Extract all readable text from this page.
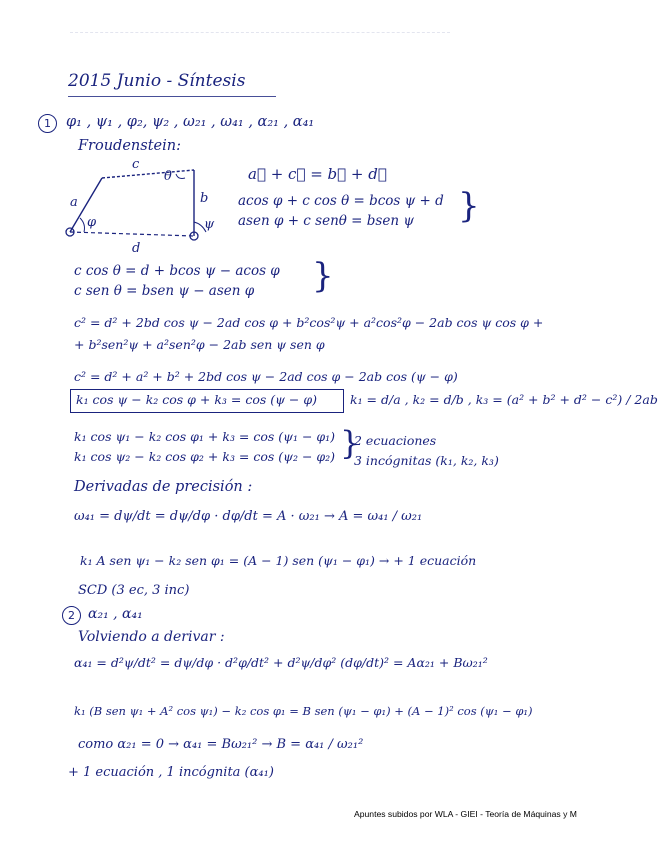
2015 Junio - Síntesis
1	φ₁ , ψ₁ , φ₂, ψ₂ , ω₂₁ , ω₄₁ , α₂₁ , α₄₁
Froudenstein:
a
c
b
d
θ
φ	ψ
a⃗ + c⃗ = b⃗ + d⃗
acos φ + c cos θ = bcos ψ + d
asen φ + c senθ = bsen ψ }
c cos θ = d + bcos ψ − acos φ
c sen θ = bsen ψ − asen φ }
c² = d² + 2bd cos ψ − 2ad cos φ + b²cos²ψ + a²cos²φ − 2ab cos ψ cos φ +
+ b²sen²ψ + a²sen²φ − 2ab sen ψ sen φ
c² = d² + a² + b² + 2bd cos ψ − 2ad cos φ − 2ab cos (ψ − φ)
k₁ cos ψ − k₂ cos φ + k₃ = cos (ψ − φ)	k₁ = d/a , k₂ = d/b , k₃ = (a² + b² + d² − c²) / 2ab
k₁ cos ψ₁ − k₂ cos φ₁ + k₃ = cos (ψ₁ − φ₁)
k₁ cos ψ₂ − k₂ cos φ₂ + k₃ = cos (ψ₂ − φ₂) }
2 ecuaciones
3 incógnitas (k₁, k₂, k₃)
Derivadas de precisión :
ω₄₁ = dψ/dt = dψ/dφ · dφ/dt = A · ω₂₁ → A = ω₄₁ / ω₂₁
k₁ A sen ψ₁ − k₂ sen φ₁ = (A − 1) sen (ψ₁ − φ₁) → + 1 ecuación
SCD (3 ec, 3 inc)
2 α₂₁ , α₄₁
Volviendo a derivar :
α₄₁ = d²ψ/dt² = dψ/dφ · d²φ/dt² + d²ψ/dφ² (dφ/dt)² = Aα₂₁ + Bω₂₁²
k₁ (B sen ψ₁ + A² cos ψ₁) − k₂ cos φ₁ = B sen (ψ₁ − φ₁) + (A − 1)² cos (ψ₁ − φ₁)
como α₂₁ = 0 → α₄₁ = Bω₂₁² → B = α₄₁ / ω₂₁²
+ 1 ecuación , 1 incógnita (α₄₁)
Apuntes subidos por WLA - GIEI - Teoría de Máquinas y M
